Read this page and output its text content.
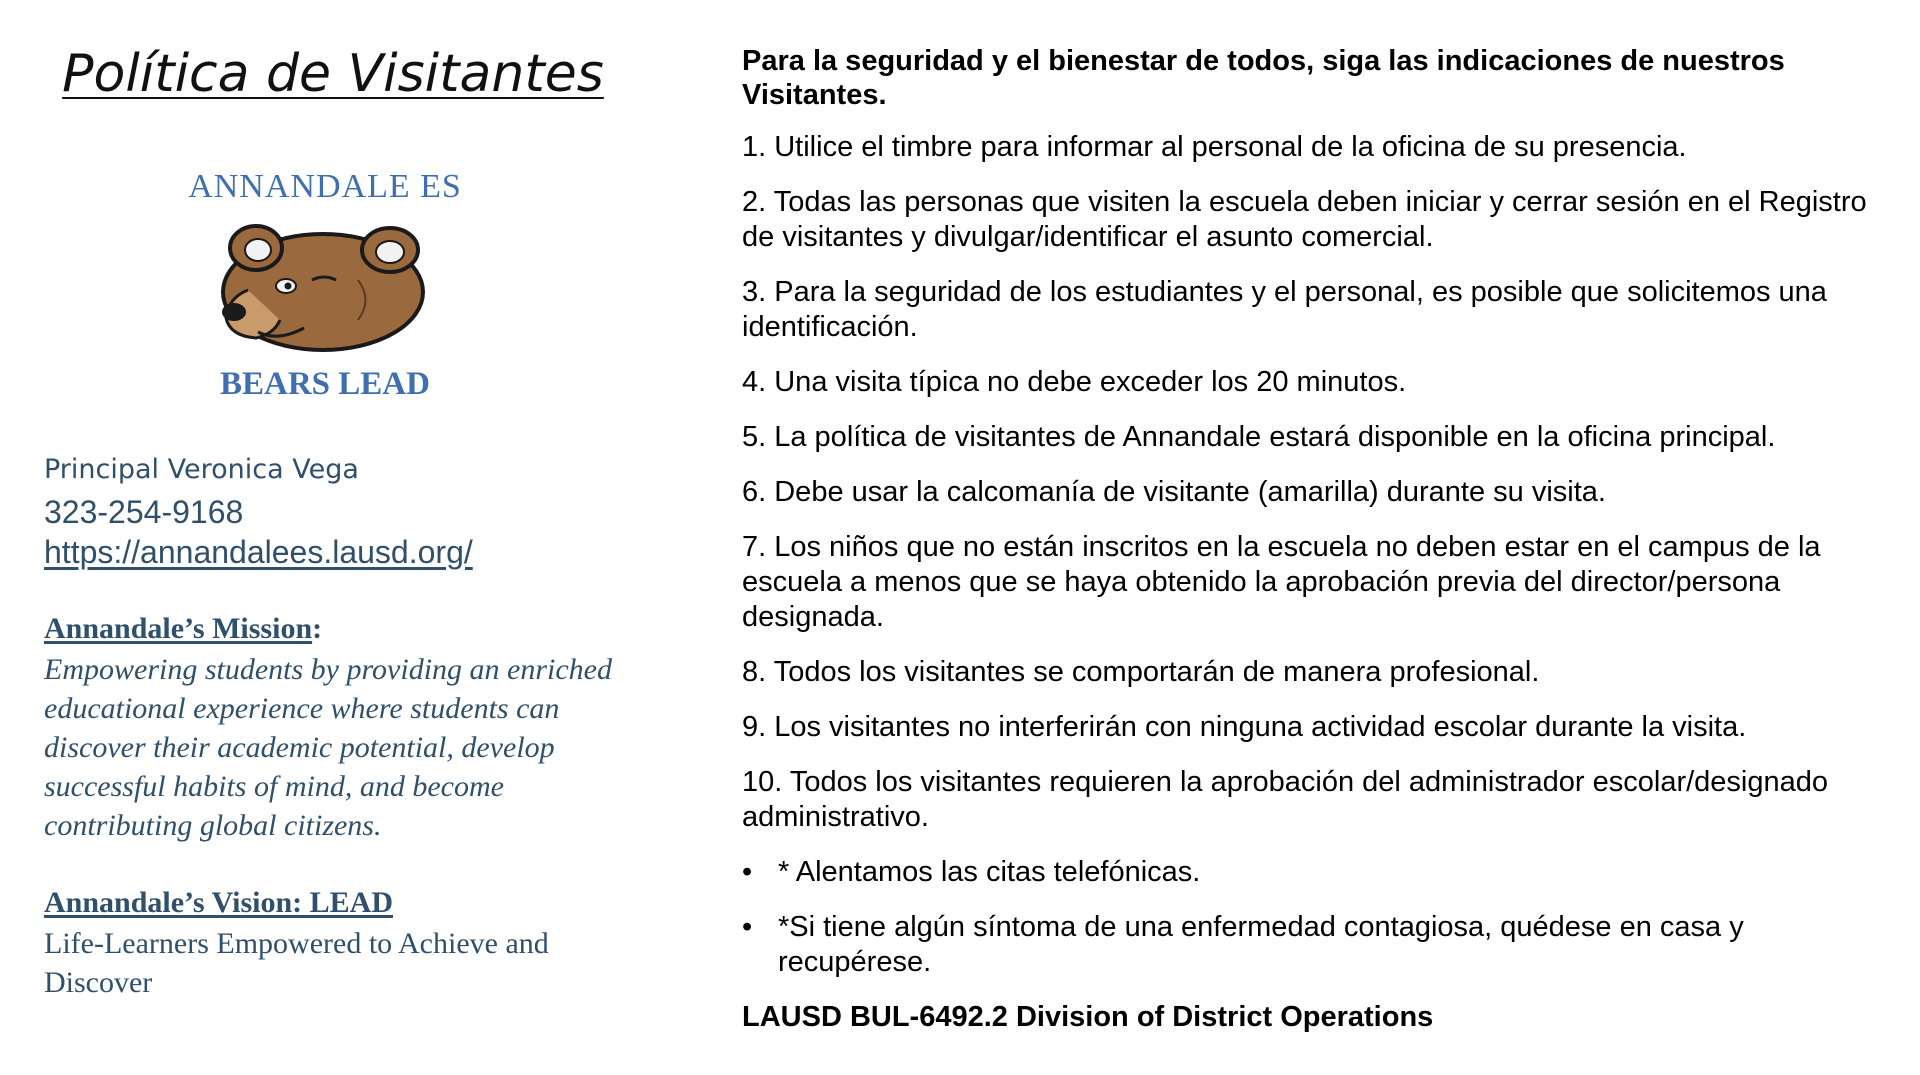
Política de Visitantes
ANNANDALE ES
BEARS LEAD
Principal Veronica Vega
323-254-9168
https://annandalees.lausd.org/
Annandale’s Mission:
Empowering students by providing an enriched educational experience where students can discover their academic potential, develop successful habits of mind, and become contributing global citizens.
Annandale’s Vision: LEAD
Life-Learners Empowered to Achieve and Discover
Para la seguridad y el bienestar de todos, siga las indicaciones de nuestros Visitantes.
1. Utilice el timbre para informar al personal de la oficina de su presencia.
2. Todas las personas que visiten la escuela deben iniciar y cerrar sesión en el Registro de visitantes y divulgar/identificar el asunto comercial.
3. Para la seguridad de los estudiantes y el personal, es posible que solicitemos una identificación.
4. Una visita típica no debe exceder los 20 minutos.
5. La política de visitantes de Annandale estará disponible en la oficina principal.
6. Debe usar la calcomanía de visitante (amarilla) durante su visita.
7. Los niños que no están inscritos en la escuela no deben estar en el campus de la escuela a menos que se haya obtenido la aprobación previa del director/persona designada.
8. Todos los visitantes se comportarán de manera profesional.
9. Los visitantes no interferirán con ninguna actividad escolar durante la visita.
10. Todos los visitantes requieren la aprobación del administrador escolar/designado administrativo.
• * Alentamos las citas telefónicas.
• *Si tiene algún síntoma de una enfermedad contagiosa, quédese en casa y recupérese.
LAUSD BUL-6492.2 Division of District Operations
